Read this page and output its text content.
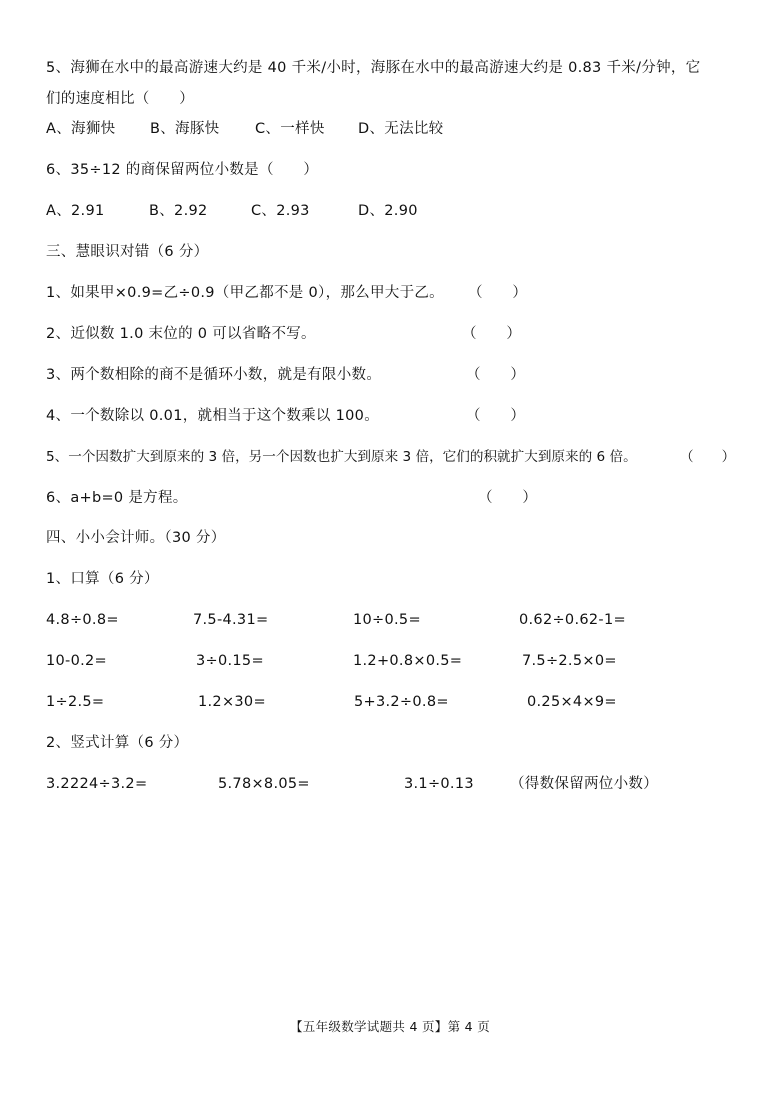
5、海狮在水中的最高游速大约是 40 千米/小时，海豚在水中的最高游速大约是 0.83 千米/分钟，它
们的速度相比（　　）
A、海狮快 B、海豚快 C、一样快 D、无法比较
6、35÷12 的商保留两位小数是（　　）
A、2.91	B、2.92	C、2.93	D、2.90
三、慧眼识对错（6 分）
1、如果甲×0.9=乙÷0.9（甲乙都不是 0），那么甲大于乙。 （　　）
2、近似数 1.0 末位的 0 可以省略不写。	（　　）
3、两个数相除的商不是循环小数，就是有限小数。	（　　）
4、一个数除以 0.01，就相当于这个数乘以 100。	（　　）
5、一个因数扩大到原来的 3 倍，另一个因数也扩大到原来 3 倍，它们的积就扩大到原来的 6 倍。	（　　）
6、a+b=0 是方程。	（　　）
四、小小会计师。（30 分）
1、口算（6 分）
4.8÷0.8=	7.5-4.31=	10÷0.5=	0.62÷0.62-1=
10-0.2=	3÷0.15=	1.2+0.8×0.5=	7.5÷2.5×0=
1÷2.5=	1.2×30=	5+3.2÷0.8=	0.25×4×9=
2、竖式计算（6 分）
3.2224÷3.2=	5.78×8.05=	3.1÷0.13 （得数保留两位小数）
【五年级数学试题共 4 页】第 4 页
